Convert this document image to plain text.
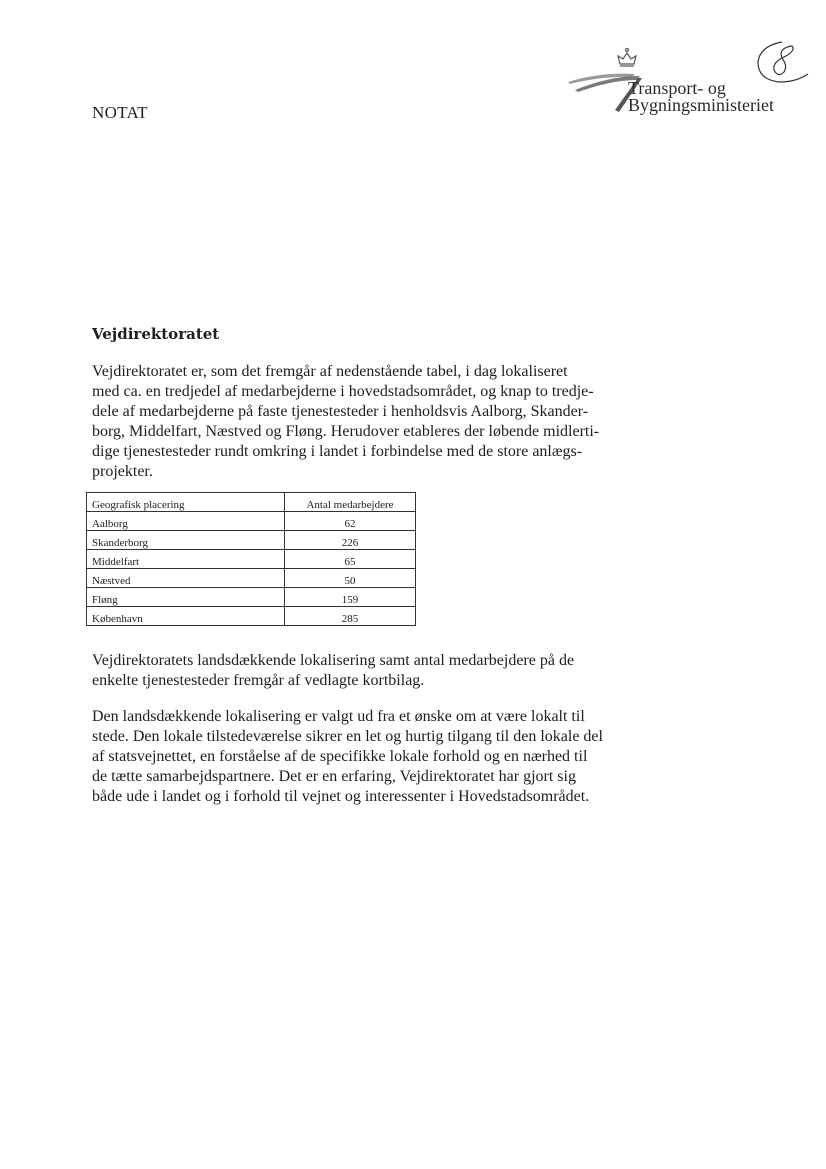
NOTAT
Transport- og
Bygningsministeriet
Vejdirektoratet
Vejdirektoratet er, som det fremgår af nedenstående tabel, i dag lokaliseret
med ca. en tredjedel af medarbejderne i hovedstadsområdet, og knap to tredje-
dele af medarbejderne på faste tjenestesteder i henholdsvis Aalborg, Skander-
borg, Middelfart, Næstved og Fløng. Herudover etableres der løbende midlerti-
dige tjenestesteder rundt omkring i landet i forbindelse med de store anlægs-
projekter.
Geografisk placering	Antal medarbejdere
Aalborg	62
Skanderborg	226
Middelfart	65
Næstved	50
Fløng	159
København	285
Vejdirektoratets landsdækkende lokalisering samt antal medarbejdere på de
enkelte tjenestesteder fremgår af vedlagte kortbilag.
Den landsdækkende lokalisering er valgt ud fra et ønske om at være lokalt til
stede. Den lokale tilstedeværelse sikrer en let og hurtig tilgang til den lokale del
af statsvejnettet, en forståelse af de specifikke lokale forhold og en nærhed til
de tætte samarbejdspartnere. Det er en erfaring, Vejdirektoratet har gjort sig
både ude i landet og i forhold til vejnet og interessenter i Hovedstadsområdet.
